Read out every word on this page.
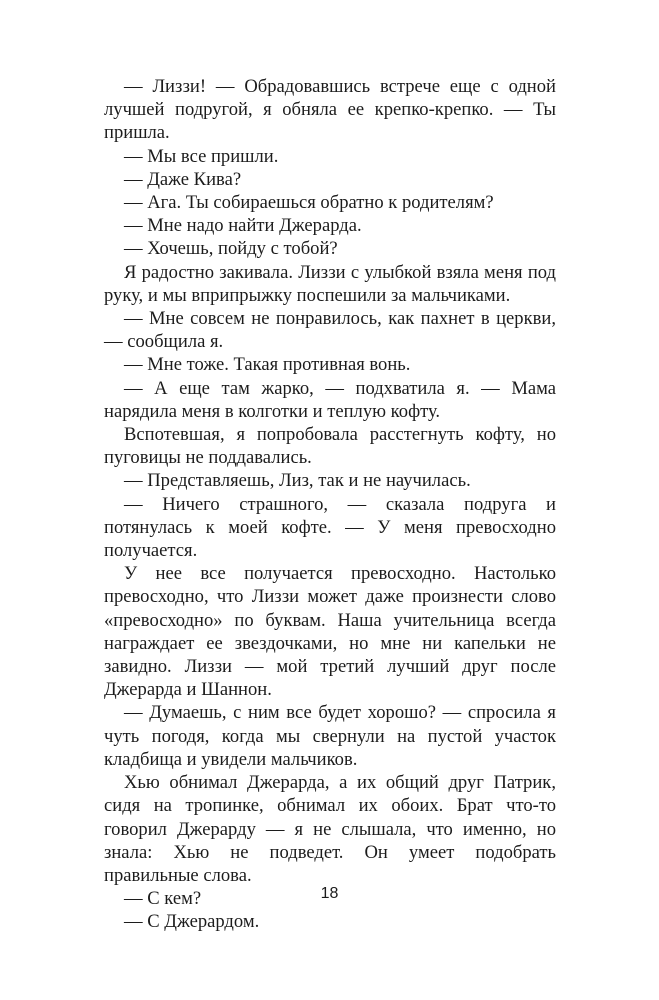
— Лиззи! — Обрадовавшись встрече еще с одной лучшей подругой, я обняла ее крепко-крепко. — Ты пришла.

— Мы все пришли.

— Даже Кива?

— Ага. Ты собираешься обратно к родителям?

— Мне надо найти Джерарда.

— Хочешь, пойду с тобой?

Я радостно закивала. Лиззи с улыбкой взяла меня под руку, и мы вприпрыжку поспешили за мальчиками.

— Мне совсем не понравилось, как пахнет в церкви, — сообщила я.

— Мне тоже. Такая противная вонь.

— А еще там жарко, — подхватила я. — Мама нарядила меня в колготки и теплую кофту.

Вспотевшая, я попробовала расстегнуть кофту, но пуговицы не поддавались.

— Представляешь, Лиз, так и не научилась.

— Ничего страшного, — сказала подруга и потянулась к моей кофте. — У меня превосходно получается.

У нее все получается превосходно. Настолько превосходно, что Лиззи может даже произнести слово «превосходно» по буквам. Наша учительница всегда награждает ее звездочками, но мне ни капельки не завидно. Лиззи — мой третий лучший друг после Джерарда и Шаннон.

— Думаешь, с ним все будет хорошо? — спросила я чуть погодя, когда мы свернули на пустой участок кладбища и увидели мальчиков.

Хью обнимал Джерарда, а их общий друг Патрик, сидя на тропинке, обнимал их обоих. Брат что-то говорил Джерарду — я не слышала, что именно, но знала: Хью не подведет. Он умеет подобрать правильные слова.

— С кем?

— С Джерардом.

18
